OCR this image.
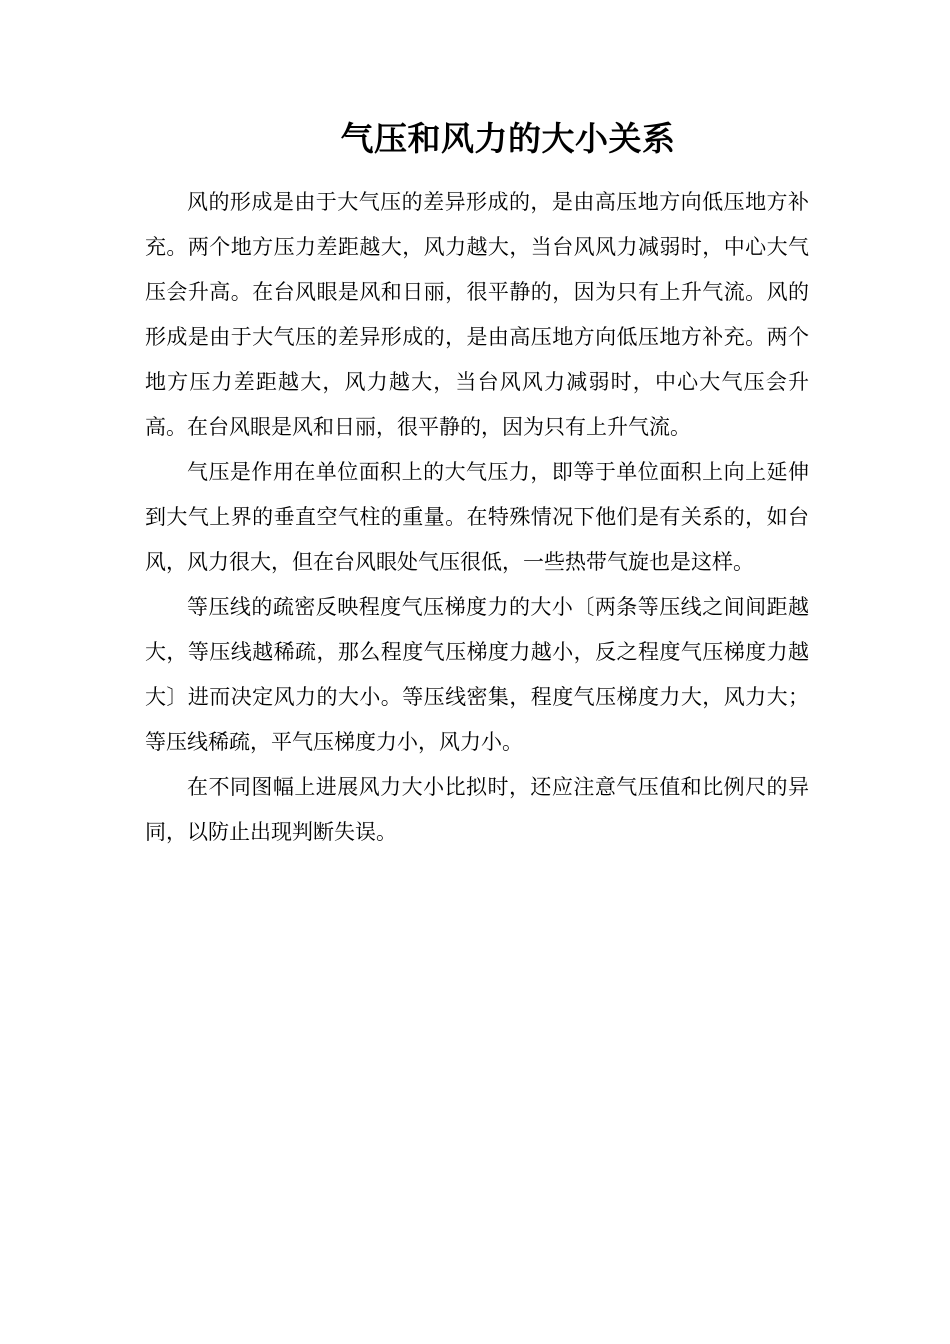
气压和风力的大小关系

风的形成是由于大气压的差异形成的，是由高压地方向低压地方补充。两个地方压力差距越大，风力越大，当台风风力减弱时，中心大气压会升高。在台风眼是风和日丽，很平静的，因为只有上升气流。风的形成是由于大气压的差异形成的，是由高压地方向低压地方补充。两个地方压力差距越大，风力越大，当台风风力减弱时，中心大气压会升高。在台风眼是风和日丽，很平静的，因为只有上升气流。

气压是作用在单位面积上的大气压力，即等于单位面积上向上延伸到大气上界的垂直空气柱的重量。在特殊情况下他们是有关系的，如台风，风力很大，但在台风眼处气压很低，一些热带气旋也是这样。

等压线的疏密反映程度气压梯度力的大小〔两条等压线之间间距越大，等压线越稀疏，那么程度气压梯度力越小，反之程度气压梯度力越大〕进而决定风力的大小。等压线密集，程度气压梯度力大，风力大；等压线稀疏，平气压梯度力小，风力小。

在不同图幅上进展风力大小比拟时，还应注意气压值和比例尺的异同，以防止出现判断失误。
